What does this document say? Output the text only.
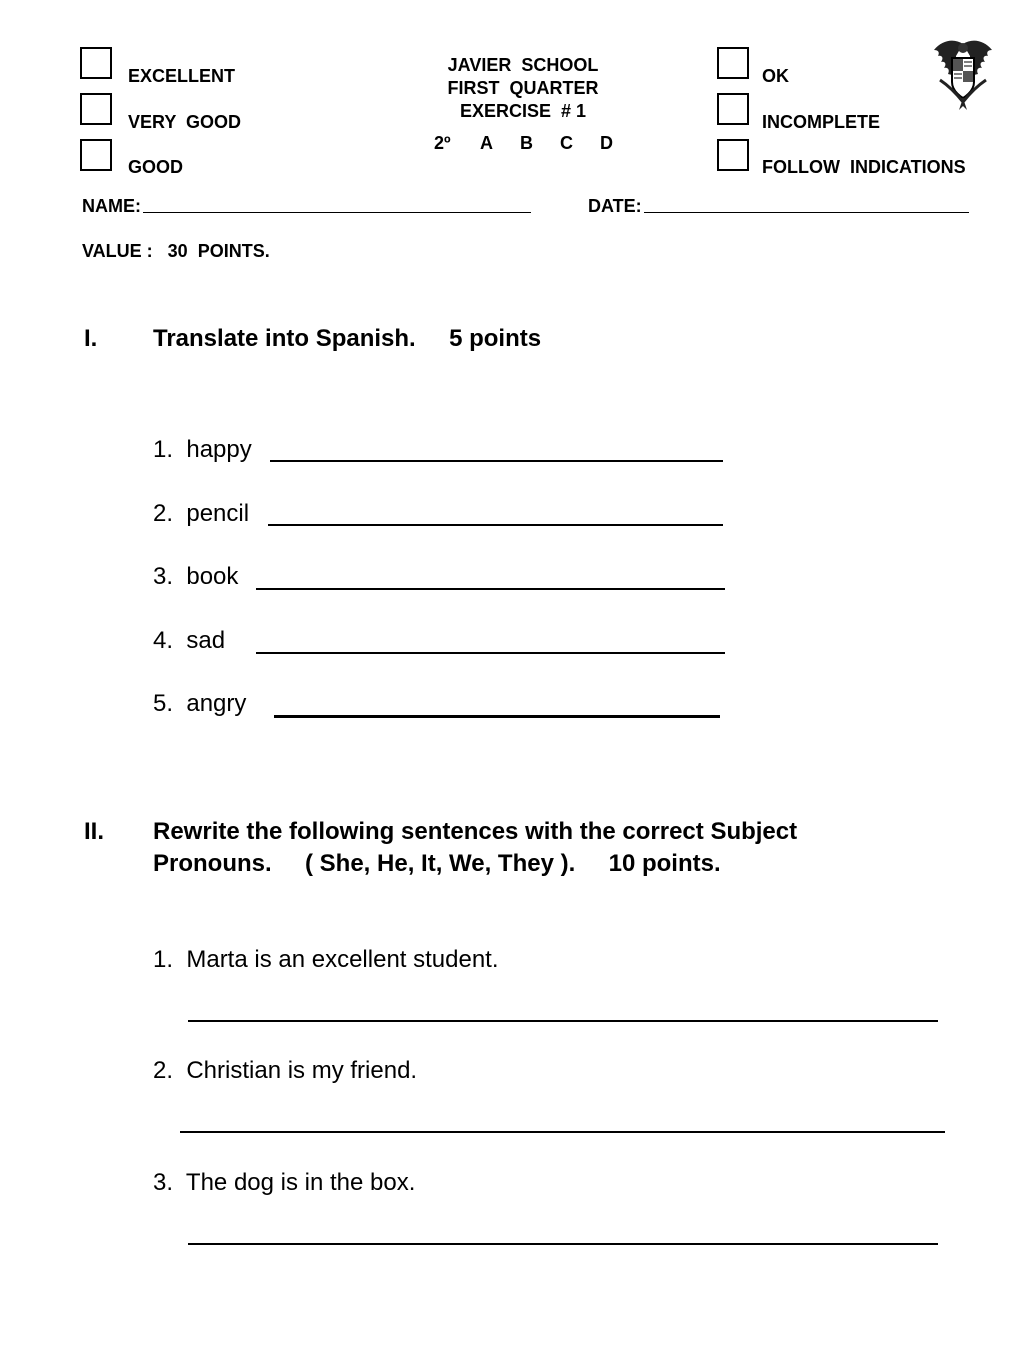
EXCELLENT
VERY  GOOD
GOOD
JAVIER  SCHOOL
FIRST  QUARTER
EXERCISE  # 1
2º A B C D
OK
INCOMPLETE
FOLLOW  INDICATIONS
NAME:	DATE:
VALUE :   30  POINTS.
I. Translate into Spanish.     5 points
1.  happy
2.  pencil
3.  book
4.  sad
5.  angry
II. Rewrite the following sentences with the correct Subject
Pronouns.     ( She, He, It, We, They ).     10 points.
1.  Marta is an excellent student.
2.  Christian is my friend.
3.  The dog is in the box.
